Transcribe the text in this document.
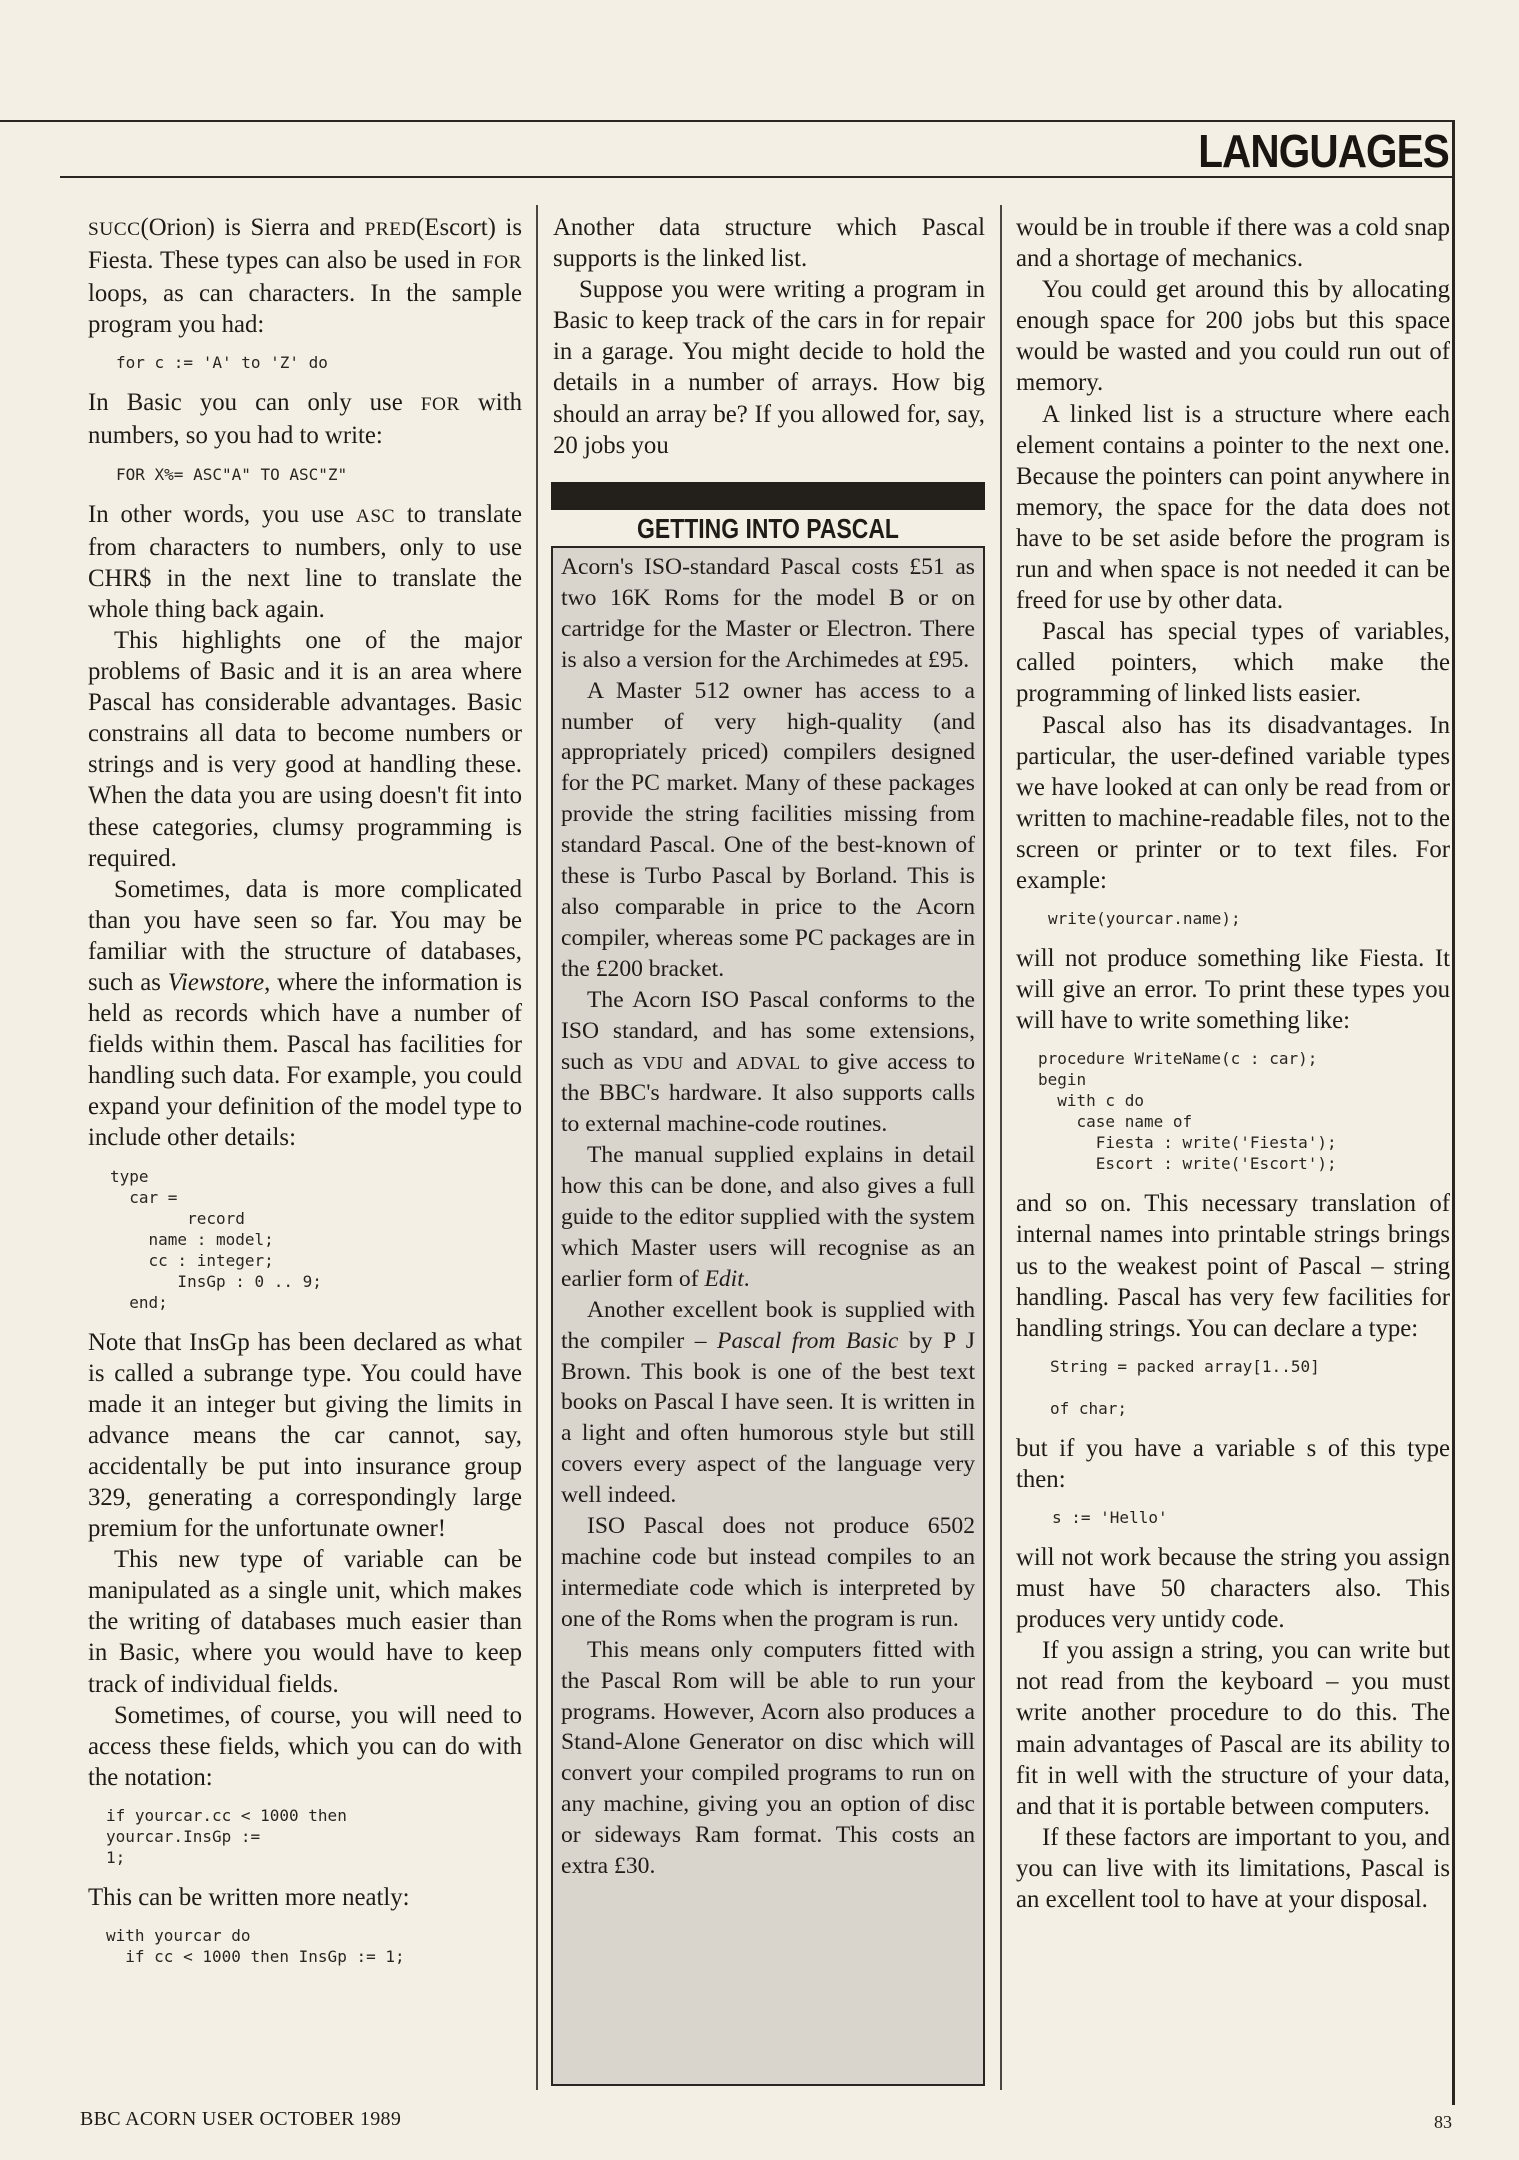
LANGUAGES

SUCC(Orion) is Sierra and PRED(Escort) is Fiesta. These types can also be used in FOR loops, as can characters. In the sample program you had:

for c := 'A' to 'Z' do

In Basic you can only use FOR with numbers, so you had to write:

FOR X%= ASC"A" TO ASC"Z"

In other words, you use ASC to translate from characters to numbers, only to use CHR$ in the next line to translate the whole thing back again.

This highlights one of the major problems of Basic and it is an area where Pascal has considerable advantages. Basic constrains all data to become numbers or strings and is very good at handling these. When the data you are using doesn't fit into these categories, clumsy programming is required.

Sometimes, data is more complicated than you have seen so far. You may be familiar with the structure of databases, such as Viewstore, where the information is held as records which have a number of fields within them. Pascal has facilities for handling such data. For example, you could expand your definition of the model type to include other details:

type
car =
record
name : model;
cc : integer;
InsGp : 0 .. 9;
end;

Note that InsGp has been declared as what is called a subrange type. You could have made it an integer but giving the limits in advance means the car cannot, say, accidentally be put into insurance group 329, generating a correspondingly large premium for the unfortunate owner!

This new type of variable can be manipulated as a single unit, which makes the writing of databases much easier than in Basic, where you would have to keep track of individual fields.

Sometimes, of course, you will need to access these fields, which you can do with the notation:

if yourcar.cc < 1000 then
yourcar.InsGp :=
1;

This can be written more neatly:

with yourcar do
if cc < 1000 then InsGp := 1;

Another data structure which Pascal supports is the linked list.

Suppose you were writing a program in Basic to keep track of the cars in for repair in a garage. You might decide to hold the details in a number of arrays. How big should an array be? If you allowed for, say, 20 jobs you

GETTING INTO PASCAL

Acorn's ISO-standard Pascal costs £51 as two 16K Roms for the model B or on cartridge for the Master or Electron. There is also a version for the Archimedes at £95.

A Master 512 owner has access to a number of very high-quality (and appropriately priced) compilers designed for the PC market. Many of these packages provide the string facilities missing from standard Pascal. One of the best-known of these is Turbo Pascal by Borland. This is also comparable in price to the Acorn compiler, whereas some PC packages are in the £200 bracket.

The Acorn ISO Pascal conforms to the ISO standard, and has some extensions, such as VDU and ADVAL to give access to the BBC's hardware. It also supports calls to external machine-code routines.

The manual supplied explains in detail how this can be done, and also gives a full guide to the editor supplied with the system which Master users will recognise as an earlier form of Edit.

Another excellent book is supplied with the compiler – Pascal from Basic by P J Brown. This book is one of the best text books on Pascal I have seen. It is written in a light and often humorous style but still covers every aspect of the language very well indeed.

ISO Pascal does not produce 6502 machine code but instead compiles to an intermediate code which is interpreted by one of the Roms when the program is run.

This means only computers fitted with the Pascal Rom will be able to run your programs. However, Acorn also produces a Stand-Alone Generator on disc which will convert your compiled programs to run on any machine, giving you an option of disc or sideways Ram format. This costs an extra £30.

would be in trouble if there was a cold snap and a shortage of mechanics.

You could get around this by allocating enough space for 200 jobs but this space would be wasted and you could run out of memory.

A linked list is a structure where each element contains a pointer to the next one. Because the pointers can point anywhere in memory, the space for the data does not have to be set aside before the program is run and when space is not needed it can be freed for use by other data.

Pascal has special types of variables, called pointers, which make the programming of linked lists easier.

Pascal also has its disadvantages. In particular, the user-defined variable types we have looked at can only be read from or written to machine-readable files, not to the screen or printer or to text files. For example:

write(yourcar.name);

will not produce something like Fiesta. It will give an error. To print these types you will have to write something like:

procedure WriteName(c : car);
begin
with c do
case name of
Fiesta : write('Fiesta');
Escort : write('Escort');

and so on. This necessary translation of internal names into printable strings brings us to the weakest point of Pascal – string handling. Pascal has very few facilities for handling strings. You can declare a type:

String = packed array[1..50]

of char;

but if you have a variable s of this type then:

s := 'Hello'

will not work because the string you assign must have 50 characters also. This produces very untidy code.

If you assign a string, you can write but not read from the keyboard – you must write another procedure to do this. The main advantages of Pascal are its ability to fit in well with the structure of your data, and that it is portable between computers.

If these factors are important to you, and you can live with its limitations, Pascal is an excellent tool to have at your disposal.

BBC ACORN USER OCTOBER 1989	83
